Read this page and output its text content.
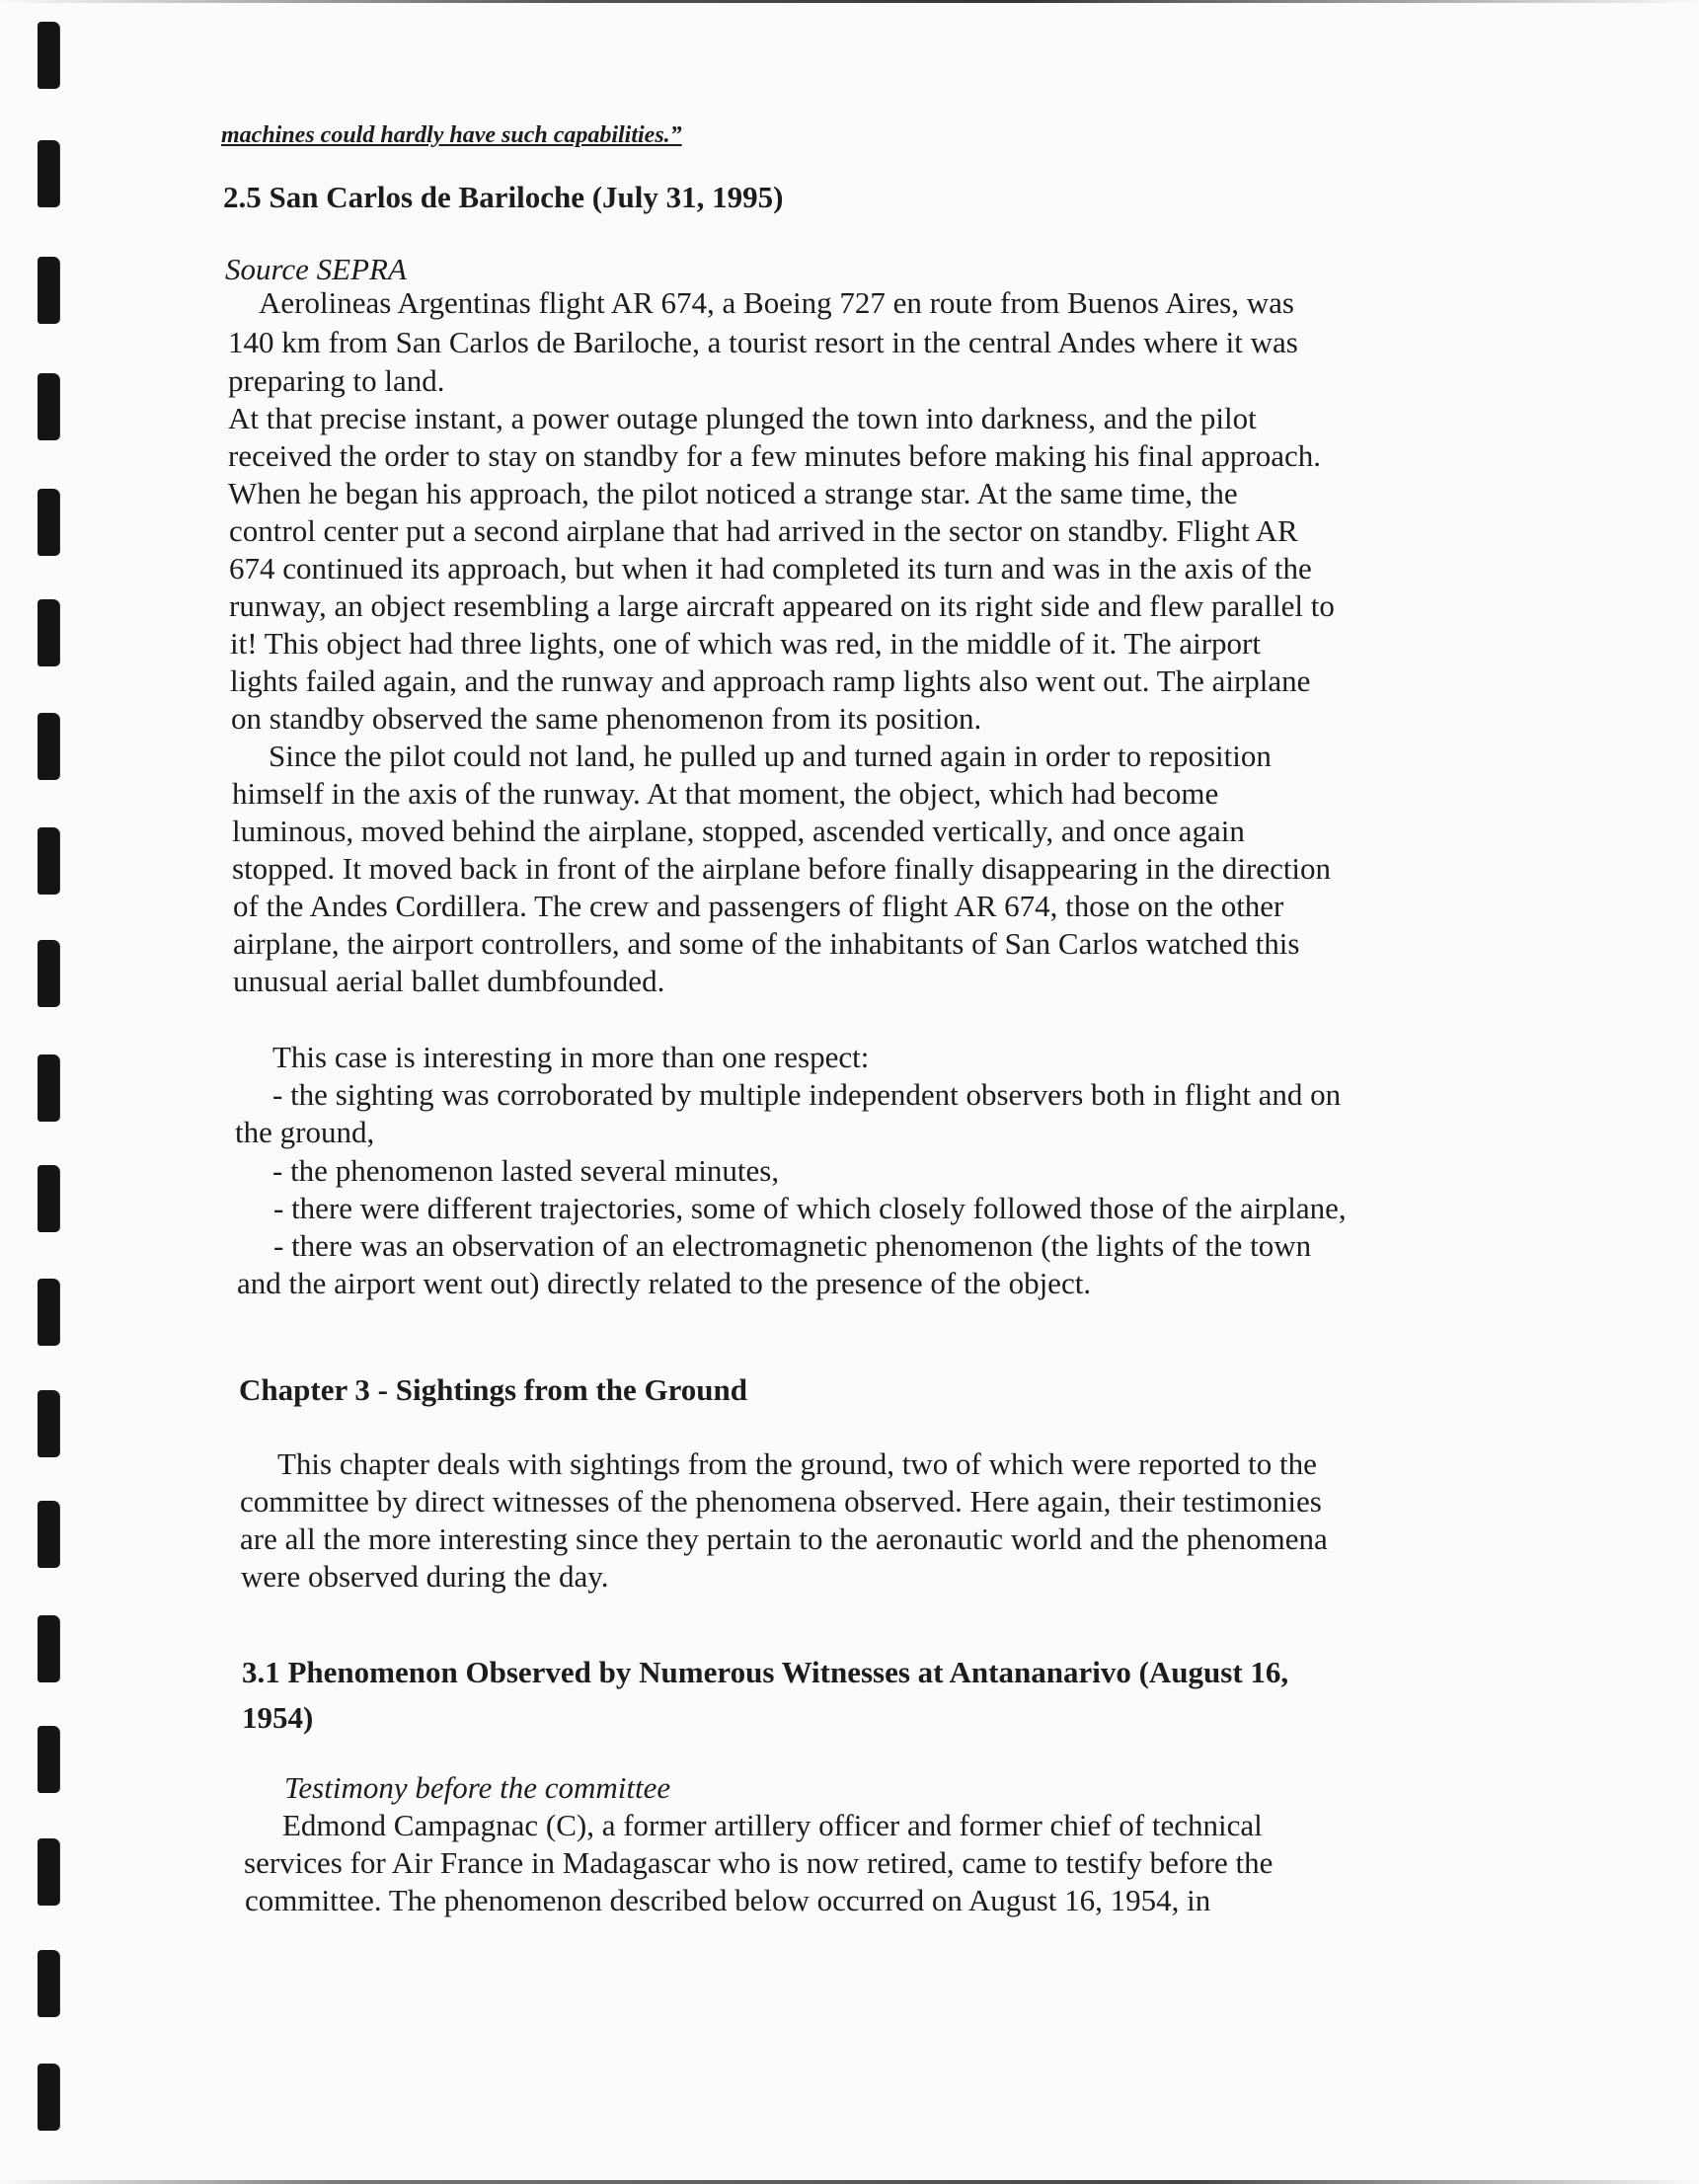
machines could hardly have such capabilities.”

2.5 San Carlos de Bariloche (July 31, 1995)

Source SEPRA

Aerolineas Argentinas flight AR 674, a Boeing 727 en route from Buenos Aires, was

140 km from San Carlos de Bariloche, a tourist resort in the central Andes where it was

preparing to land.

At that precise instant, a power outage plunged the town into darkness, and the pilot

received the order to stay on standby for a few minutes before making his final approach.

When he began his approach, the pilot noticed a strange star. At the same time, the

control center put a second airplane that had arrived in the sector on standby. Flight AR

674 continued its approach, but when it had completed its turn and was in the axis of the

runway, an object resembling a large aircraft appeared on its right side and flew parallel to

it! This object had three lights, one of which was red, in the middle of it. The airport

lights failed again, and the runway and approach ramp lights also went out. The airplane

on standby observed the same phenomenon from its position.

Since the pilot could not land, he pulled up and turned again in order to reposition

himself in the axis of the runway. At that moment, the object, which had become

luminous, moved behind the airplane, stopped, ascended vertically, and once again

stopped. It moved back in front of the airplane before finally disappearing in the direction

of the Andes Cordillera. The crew and passengers of flight AR 674, those on the other

airplane, the airport controllers, and some of the inhabitants of San Carlos watched this

unusual aerial ballet dumbfounded.

This case is interesting in more than one respect:

- the sighting was corroborated by multiple independent observers both in flight and on

the ground,

- the phenomenon lasted several minutes,

- there were different trajectories, some of which closely followed those of the airplane,

- there was an observation of an electromagnetic phenomenon (the lights of the town

and the airport went out) directly related to the presence of the object.

Chapter 3 - Sightings from the Ground

This chapter deals with sightings from the ground, two of which were reported to the

committee by direct witnesses of the phenomena observed. Here again, their testimonies

are all the more interesting since they pertain to the aeronautic world and the phenomena

were observed during the day.

3.1 Phenomenon Observed by Numerous Witnesses at Antananarivo (August 16,

1954)

Testimony before the committee

Edmond Campagnac (C), a former artillery officer and former chief of technical

services for Air France in Madagascar who is now retired, came to testify before the

committee. The phenomenon described below occurred on August 16, 1954, in
